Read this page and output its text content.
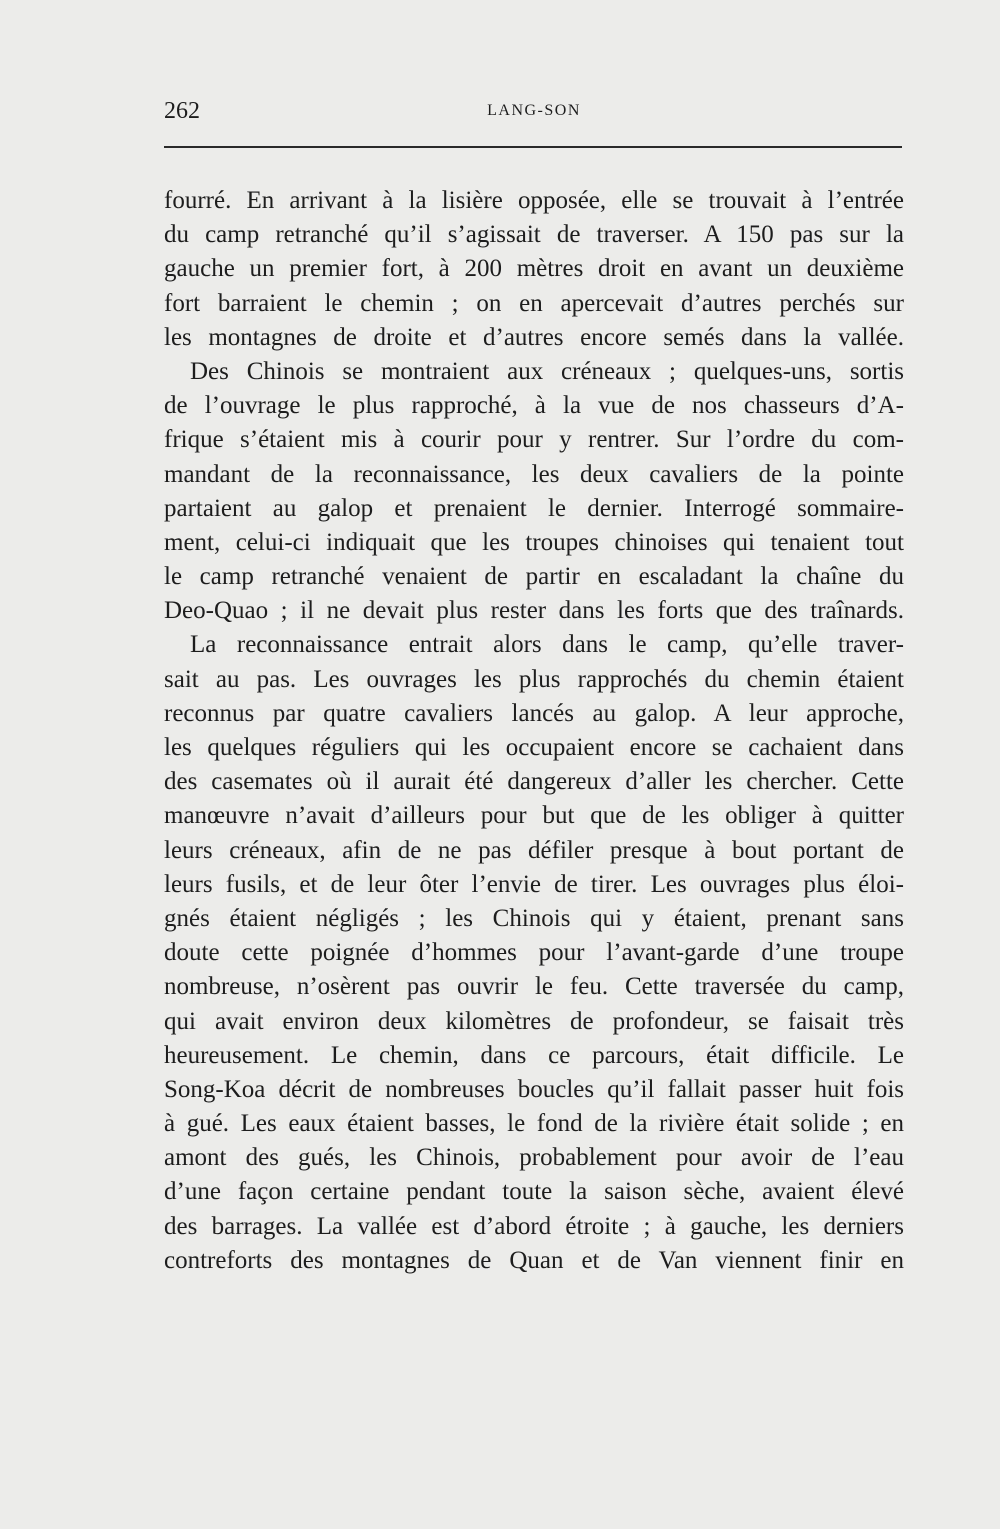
262	LANG-SON
fourré. En arrivant à la lisière opposée, elle se trouvait à l’entrée
du camp retranché qu’il s’agissait de traverser. A 150 pas sur la
gauche un premier fort, à 200 mètres droit en avant un deuxième
fort barraient le chemin ; on en apercevait d’autres perchés sur
les montagnes de droite et d’autres encore semés dans la vallée.
Des Chinois se montraient aux créneaux ; quelques-uns, sortis
de l’ouvrage le plus rapproché, à la vue de nos chasseurs d’A-
frique s’étaient mis à courir pour y rentrer. Sur l’ordre du com-
mandant de la reconnaissance, les deux cavaliers de la pointe
partaient au galop et prenaient le dernier. Interrogé sommaire-
ment, celui-ci indiquait que les troupes chinoises qui tenaient tout
le camp retranché venaient de partir en escaladant la chaîne du
Deo-Quao ; il ne devait plus rester dans les forts que des traînards.
La reconnaissance entrait alors dans le camp, qu’elle traver-
sait au pas. Les ouvrages les plus rapprochés du chemin étaient
reconnus par quatre cavaliers lancés au galop. A leur approche,
les quelques réguliers qui les occupaient encore se cachaient dans
des casemates où il aurait été dangereux d’aller les chercher. Cette
manœuvre n’avait d’ailleurs pour but que de les obliger à quitter
leurs créneaux, afin de ne pas défiler presque à bout portant de
leurs fusils, et de leur ôter l’envie de tirer. Les ouvrages plus éloi-
gnés étaient négligés ; les Chinois qui y étaient, prenant sans
doute cette poignée d’hommes pour l’avant-garde d’une troupe
nombreuse, n’osèrent pas ouvrir le feu. Cette traversée du camp,
qui avait environ deux kilomètres de profondeur, se faisait très
heureusement. Le chemin, dans ce parcours, était difficile. Le
Song-Koa décrit de nombreuses boucles qu’il fallait passer huit fois
à gué. Les eaux étaient basses, le fond de la rivière était solide ; en
amont des gués, les Chinois, probablement pour avoir de l’eau
d’une façon certaine pendant toute la saison sèche, avaient élevé
des barrages. La vallée est d’abord étroite ; à gauche, les derniers
contreforts des montagnes de Quan et de Van viennent finir en
